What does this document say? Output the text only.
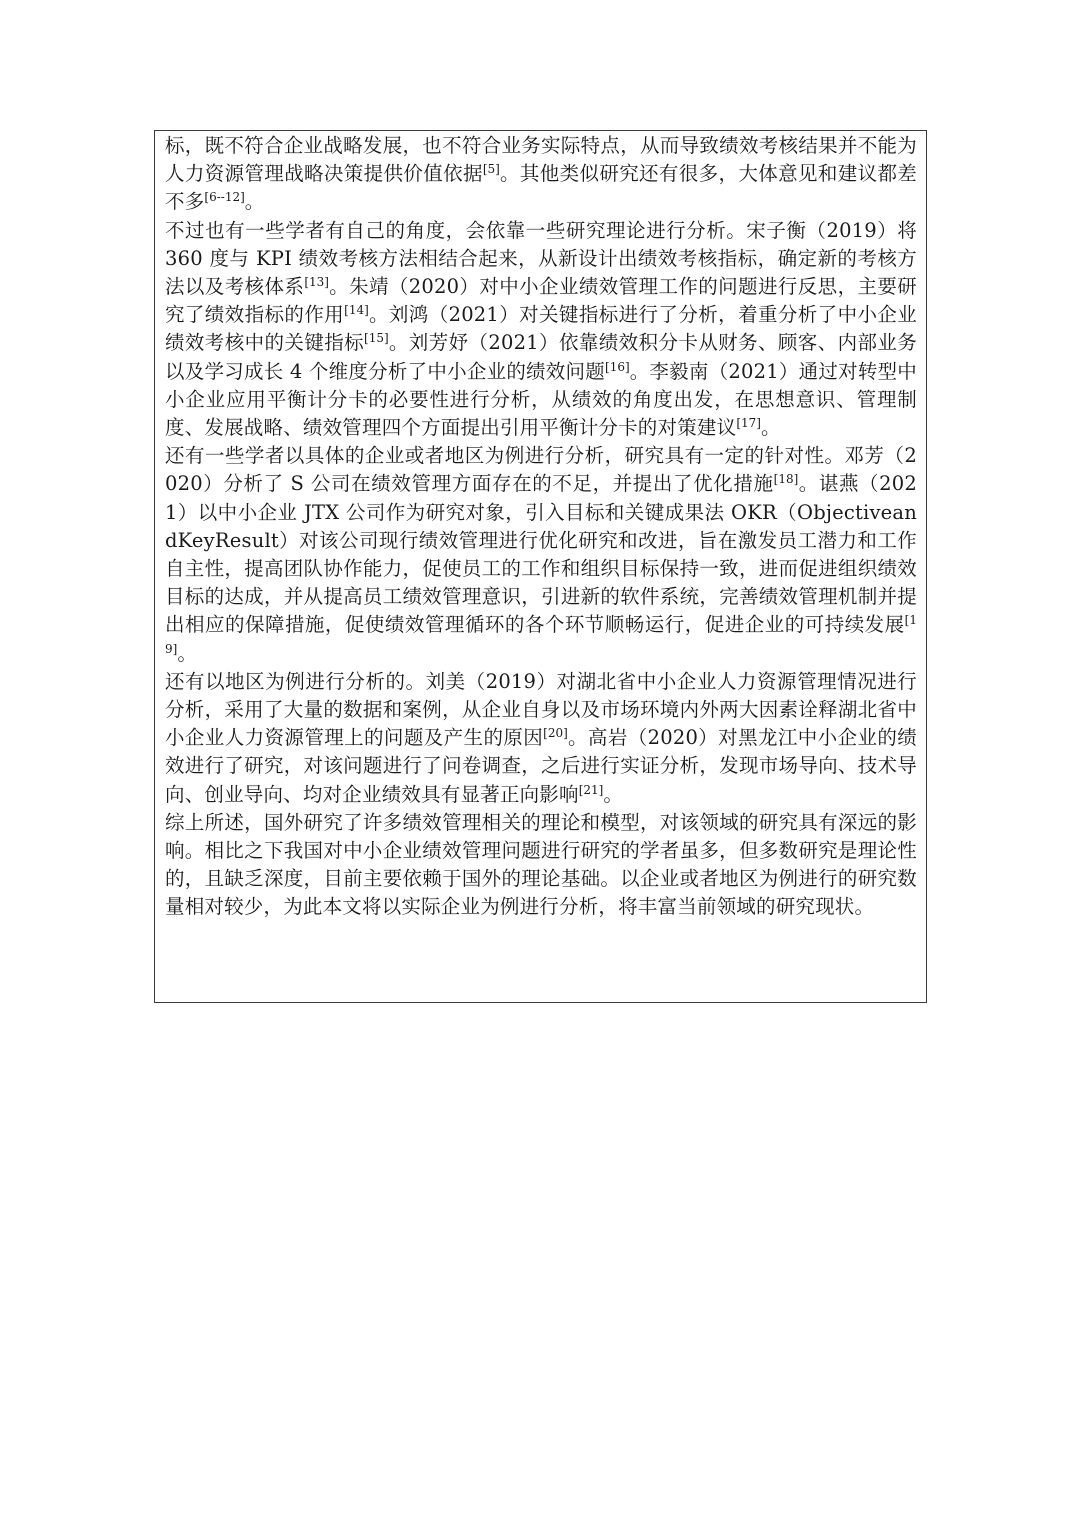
标，既不符合企业战略发展，也不符合业务实际特点，从而导致绩效考核结果并不能为人力资源管理战略决策提供价值依据[5]。其他类似研究还有很多，大体意见和建议都差不多[6--12]。

不过也有一些学者有自己的角度，会依靠一些研究理论进行分析。宋子衡（2019）将 360 度与 KPI 绩效考核方法相结合起来，从新设计出绩效考核指标，确定新的考核方法以及考核体系[13]。朱靖（2020）对中小企业绩效管理工作的问题进行反思，主要研究了绩效指标的作用[14]。刘鸿（2021）对关键指标进行了分析，着重分析了中小企业绩效考核中的关键指标[15]。刘芳妤（2021）依靠绩效积分卡从财务、顾客、内部业务以及学习成长 4 个维度分析了中小企业的绩效问题[16]。李毅南（2021）通过对转型中小企业应用平衡计分卡的必要性进行分析，从绩效的角度出发，在思想意识、管理制度、发展战略、绩效管理四个方面提出引用平衡计分卡的对策建议[17]。

还有一些学者以具体的企业或者地区为例进行分析，研究具有一定的针对性。邓芳（2020）分析了 S 公司在绩效管理方面存在的不足，并提出了优化措施[18]。谌燕（2021）以中小企业 JTX 公司作为研究对象，引入目标和关键成果法 OKR（ObjectiveandKeyResult）对该公司现行绩效管理进行优化研究和改进，旨在激发员工潜力和工作自主性，提高团队协作能力，促使员工的工作和组织目标保持一致，进而促进组织绩效目标的达成，并从提高员工绩效管理意识，引进新的软件系统，完善绩效管理机制并提出相应的保障措施，促使绩效管理循环的各个环节顺畅运行，促进企业的可持续发展[19]。

还有以地区为例进行分析的。刘美（2019）对湖北省中小企业人力资源管理情况进行分析，采用了大量的数据和案例，从企业自身以及市场环境内外两大因素诠释湖北省中小企业人力资源管理上的问题及产生的原因[20]。高岩（2020）对黑龙江中小企业的绩效进行了研究，对该问题进行了问卷调查，之后进行实证分析，发现市场导向、技术导向、创业导向、均对企业绩效具有显著正向影响[21]。

综上所述，国外研究了许多绩效管理相关的理论和模型，对该领域的研究具有深远的影响。相比之下我国对中小企业绩效管理问题进行研究的学者虽多，但多数研究是理论性的，且缺乏深度，目前主要依赖于国外的理论基础。以企业或者地区为例进行的研究数量相对较少，为此本文将以实际企业为例进行分析，将丰富当前领域的研究现状。
